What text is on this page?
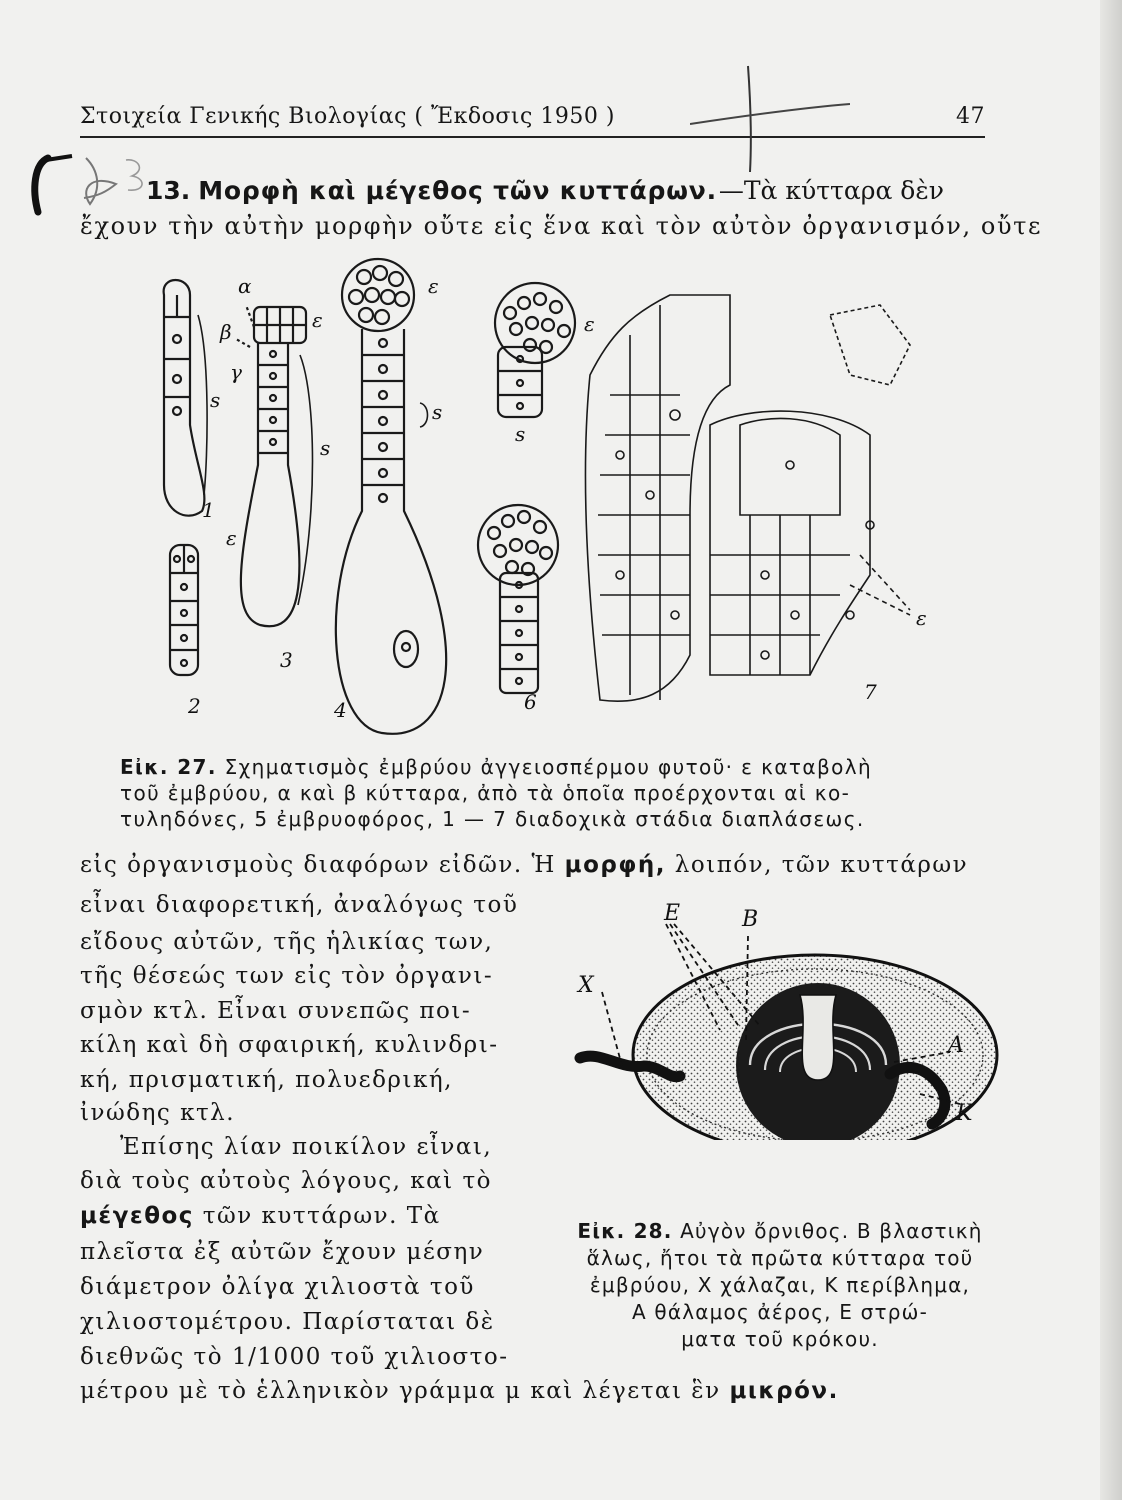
Στοιχεία Γενικής Βιολογίας ( Ἔκδοσις 1950 )	47
13. Μορφὴ καὶ μέγεθος τῶν κυττάρων.—Τὰ κύτταρα δὲν
ἔχουν τὴν αὐτὴν μορφὴν οὔτε εἰς ἕνα καὶ τὸν αὐτὸν ὀργανισμόν, οὔτε
α
β
γ
ε
ε
ε
ε
ε
s
s
s
s
1
2
3
4	6	7
Εἰκ. 27. Σχηματισμὸς ἐμβρύου ἀγγειοσπέρμου φυτοῦ· ε καταβολὴ
τοῦ ἐμβρύου, α καὶ β κύτταρα, ἀπὸ τὰ ὁποῖα προέρχονται αἱ κο-
τυληδόνες, 5 ἐμβρυοφόρος, 1 — 7 διαδοχικὰ στάδια διαπλάσεως.
εἰς ὀργανισμοὺς διαφόρων εἰδῶν. Ἡ μορφή, λοιπόν, τῶν κυττάρων
εἶναι διαφορετική, ἀναλόγως τοῦ
εἴδους αὐτῶν, τῆς ἡλικίας των,
τῆς θέσεώς των εἰς τὸν ὀργανι-
σμὸν κτλ. Εἶναι συνεπῶς ποι-
κίλη καὶ δὴ σφαιρική, κυλινδρι-
κή, πρισματική, πολυεδρική,
ἰνώδης κτλ.
Ἐπίσης λίαν ποικίλον εἶναι,
διὰ τοὺς αὐτοὺς λόγους, καὶ τὸ
μέγεθος τῶν κυττάρων. Τὰ
πλεῖστα ἐξ αὐτῶν ἔχουν μέσην
διάμετρον ὀλίγα χιλιοστὰ τοῦ
χιλιοστομέτρου. Παρίσταται δὲ
διεθνῶς τὸ 1/1000 τοῦ χιλιοστο-
μέτρου μὲ τὸ ἑλληνικὸν γράμμα μ καὶ λέγεται ἓν μικρόν.
Χ
Ε	Β
Α
Κ
Εἰκ. 28. Αὐγὸν ὄρνιθος. Β βλαστικὴ
ἅλως, ἤτοι τὰ πρῶτα κύτταρα τοῦ
ἐμβρύου, Χ χάλαζαι, Κ περίβλημα,
Α θάλαμος ἀέρος, Ε στρώ-
ματα τοῦ κρόκου.
